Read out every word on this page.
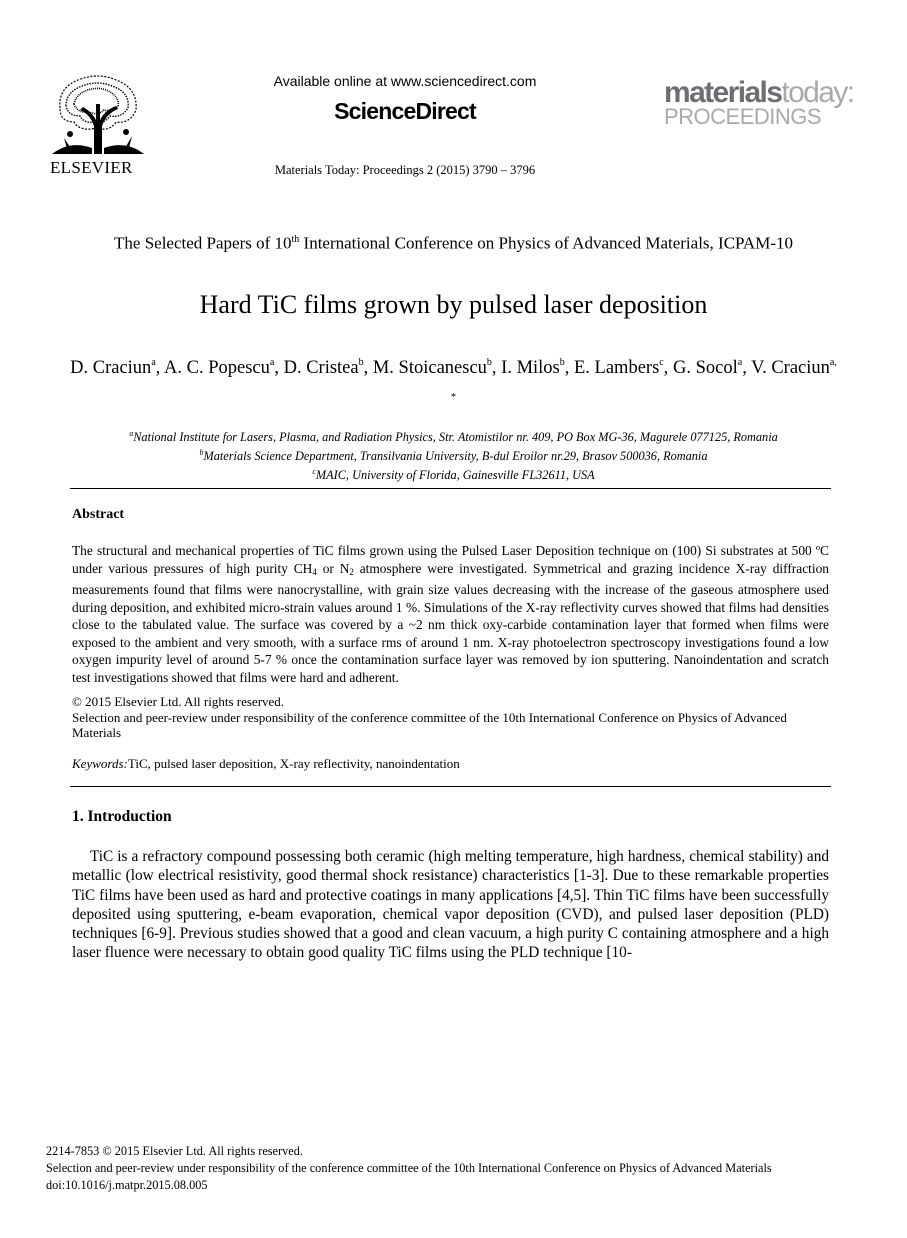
ELSEVIER
Available online at www.sciencedirect.com
ScienceDirect
Materials Today: Proceedings 2 (2015) 3790 – 3796
materialstoday:
PROCEEDINGS
The Selected Papers of 10th International Conference on Physics of Advanced Materials, ICPAM-10
Hard TiC films grown by pulsed laser deposition
D. Craciun$^a$, A. C. Popescu$^a$, D. Cristea$^b$, M. Stoicanescu$^b$, I. Milos$^b$, E. Lambers$^c$, G. Socol$^a$, V. Craciun$^{a, *}$
$^a$National Institute for Lasers, Plasma, and Radiation Physics, Str. Atomistilor nr. 409, PO Box MG-36, Magurele 077125, Romania
$^b$Materials Science Department, Transilvania University, B-dul Eroilor nr.29, Brasov 500036, Romania
$^c$MAIC, University of Florida, Gainesville FL32611, USA
Abstract
The structural and mechanical properties of TiC films grown using the Pulsed Laser Deposition technique on (100) Si substrates at 500 ºC under various pressures of high purity $CH_4$ or $N_2$ atmosphere were investigated. Symmetrical and grazing incidence X-ray diffraction measurements found that films were nanocrystalline, with grain size values decreasing with the increase of the gaseous atmosphere used during deposition, and exhibited micro-strain values around 1 %. Simulations of the X-ray reflectivity curves showed that films had densities close to the tabulated value. The surface was covered by a ~2 nm thick oxy-carbide contamination layer that formed when films were exposed to the ambient and very smooth, with a surface rms of around 1 nm. X-ray photoelectron spectroscopy investigations found a low oxygen impurity level of around 5-7 % once the contamination surface layer was removed by ion sputtering. Nanoindentation and scratch test investigations showed that films were hard and adherent.
© 2015 Elsevier Ltd. All rights reserved.
Selection and peer-review under responsibility of the conference committee of the 10th International Conference on Physics of Advanced Materials
Keywords:TiC, pulsed laser deposition, X-ray reflectivity, nanoindentation
1. Introduction
TiC is a refractory compound possessing both ceramic (high melting temperature, high hardness, chemical stability) and metallic (low electrical resistivity, good thermal shock resistance) characteristics [1-3]. Due to these remarkable properties TiC films have been used as hard and protective coatings in many applications [4,5]. Thin TiC films have been successfully deposited using sputtering, e-beam evaporation, chemical vapor deposition (CVD), and pulsed laser deposition (PLD) techniques [6-9]. Previous studies showed that a good and clean vacuum, a high purity C containing atmosphere and a high laser fluence were necessary to obtain good quality TiC films using the PLD technique [10-
2214-7853 © 2015 Elsevier Ltd. All rights reserved.
Selection and peer-review under responsibility of the conference committee of the 10th International Conference on Physics of Advanced Materials
doi:10.1016/j.matpr.2015.08.005
